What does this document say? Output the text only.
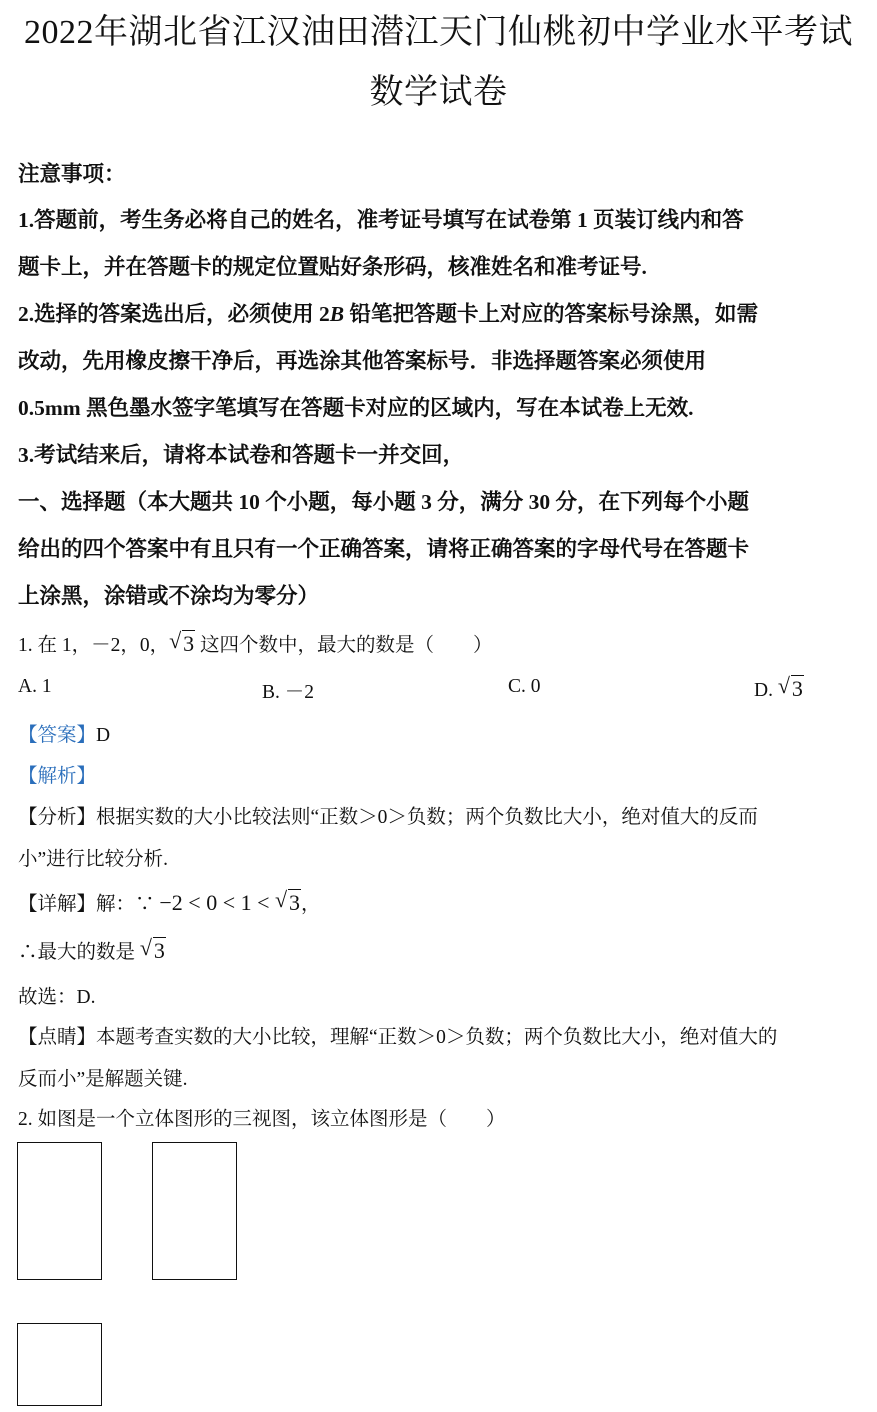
2022年湖北省江汉油田潜江天门仙桃初中学业水平考试
数学试卷
注意事项：
1.答题前，考生务必将自己的姓名，准考证号填写在试卷第 1 页装订线内和答
题卡上，并在答题卡的规定位置贴好条形码，核准姓名和准考证号.
2.选择的答案选出后，必须使用 2B 铅笔把答题卡上对应的答案标号涂黑，如需
改动，先用橡皮擦干净后，再选涂其他答案标号．非选择题答案必须使用
0.5mm 黑色墨水签字笔填写在答题卡对应的区域内，写在本试卷上无效.
3.考试结来后，请将本试卷和答题卡一并交回，
一、选择题（本大题共 10 个小题，每小题 3 分，满分 30 分，在下列每个小题
给出的四个答案中有且只有一个正确答案，请将正确答案的字母代号在答题卡
上涂黑，涂错或不涂均为零分）
1. 在 1，－2，0， √ 3 这四个数中，最大的数是（　　）
A. 1	B. －2	C. 0	D. √ 3
【答案】D
【解析】
【分析】根据实数的大小比较法则“正数＞0＞负数；两个负数比大小，绝对值大的反而
小”进行比较分析.
【详解】解：∵ −2 < 0 < 1 < √ 3，
∴最大的数是 √ 3
故选：D.
【点睛】本题考查实数的大小比较，理解“正数＞0＞负数；两个负数比大小，绝对值大的
反而小”是解题关键.
2. 如图是一个立体图形的三视图，该立体图形是（　　）
